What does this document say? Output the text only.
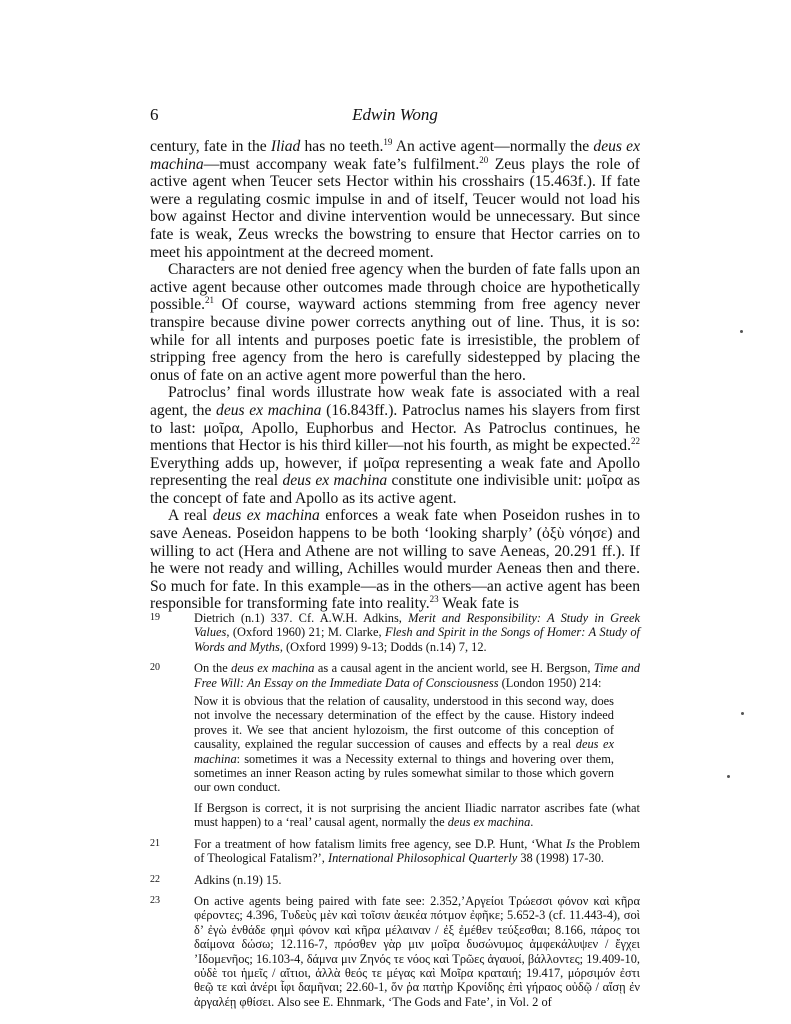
6	Edwin Wong

century, fate in the Iliad has no teeth.$^{19}$ An active agent—normally the deus ex machina—must accompany weak fate’s fulfilment.$^{20}$ Zeus plays the role of active agent when Teucer sets Hector within his crosshairs (15.463f.). If fate were a regulating cosmic impulse in and of itself, Teucer would not load his bow against Hector and divine intervention would be unnecessary. But since fate is weak, Zeus wrecks the bowstring to ensure that Hector carries on to meet his appointment at the decreed moment.

Characters are not denied free agency when the burden of fate falls upon an active agent because other outcomes made through choice are hypothetically possible.$^{21}$ Of course, wayward actions stemming from free agency never transpire because divine power corrects anything out of line. Thus, it is so: while for all intents and purposes poetic fate is irresistible, the problem of stripping free agency from the hero is carefully sidestepped by placing the onus of fate on an active agent more powerful than the hero.

Patroclus’ final words illustrate how weak fate is associated with a real agent, the deus ex machina (16.843ff.). Patroclus names his slayers from first to last: μοῖρα, Apollo, Euphorbus and Hector. As Patroclus continues, he mentions that Hector is his third killer—not his fourth, as might be expected.$^{22}$ Everything adds up, however, if μοῖρα representing a weak fate and Apollo representing the real deus ex machina constitute one indivisible unit: μοῖρα as the concept of fate and Apollo as its active agent.

A real deus ex machina enforces a weak fate when Poseidon rushes in to save Aeneas. Poseidon happens to be both ‘looking sharply’ (ὀξὺ νόησε) and willing to act (Hera and Athene are not willing to save Aeneas, 20.291 ff.). If he were not ready and willing, Achilles would murder Aeneas then and there. So much for fate. In this example—as in the others—an active agent has been responsible for transforming fate into reality.$^{23}$ Weak fate is

19	Dietrich (n.1) 337. Cf. A.W.H. Adkins, Merit and Responsibility: A Study in Greek Values, (Oxford 1960) 21; M. Clarke, Flesh and Spirit in the Songs of Homer: A Study of Words and Myths, (Oxford 1999) 9-13; Dodds (n.14) 7, 12.

20	On the deus ex machina as a causal agent in the ancient world, see H. Bergson, Time and Free Will: An Essay on the Immediate Data of Consciousness (London 1950) 214:

Now it is obvious that the relation of causality, understood in this second way, does not involve the necessary determination of the effect by the cause. History indeed proves it. We see that ancient hylozoism, the first outcome of this conception of causality, explained the regular succession of causes and effects by a real deus ex machina: sometimes it was a Necessity external to things and hovering over them, sometimes an inner Reason acting by rules somewhat similar to those which govern our own conduct.

If Bergson is correct, it is not surprising the ancient Iliadic narrator ascribes fate (what must happen) to a ‘real’ causal agent, normally the deus ex machina.

21	For a treatment of how fatalism limits free agency, see D.P. Hunt, ‘What Is the Problem of Theological Fatalism?’, International Philosophical Quarterly 38 (1998) 17-30.

22	Adkins (n.19) 15.

23	On active agents being paired with fate see: 2.352,’Αργείοι Τρώεσσι φόνον καὶ κῆρα φέροντες; 4.396, Τυδεὺς μὲν καὶ τοῖσιν ἀεικέα πότμον ἐφῆκε; 5.652-3 (cf. 11.443-4), σοὶ δ’ ἐγὼ ἐνθάδε φημὶ φόνον καὶ κῆρα μέλαιναν / ἐξ ἐμέθεν τεύξεσθαι; 8.166, πάρος τοι δαίμονα δώσω; 12.116-7, πρόσθεν γὰρ μιν μοῖρα δυσώνυμος ἀμφεκάλυψεν / ἔγχει ’Ιδομενῆος; 16.103-4, δάμνα μιν Ζηνός τε νόος καὶ Τρῶες ἀγαυοί, βάλλοντες; 19.409-10, οὐδὲ τοι ἡμεῖς / αἴτιοι, ἀλλὰ θεός τε μέγας καὶ Μοῖρα κραταιή; 19.417, μόρσιμόν ἐστι θεῷ τε καὶ ἀνέρι ἶφι δαμῆναι; 22.60-1, ὅν ῥα πατὴρ Κρονίδης ἐπὶ γήραος οὐδῷ / αἴσῃ ἐν ἀργαλέῃ φθίσει. Also see E. Ehnmark, ‘The Gods and Fate’, in Vol. 2 of
